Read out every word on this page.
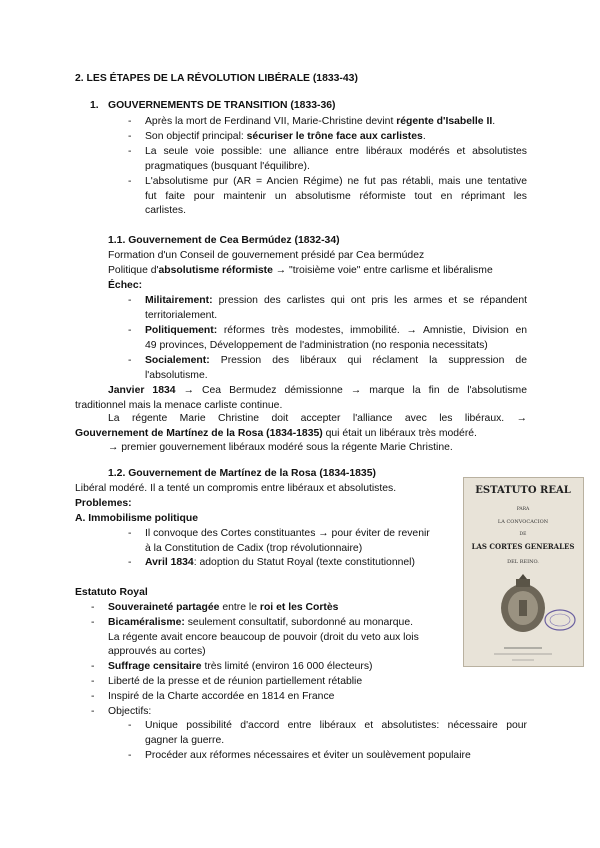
2. LES ÉTAPES DE LA RÉVOLUTION LIBÉRALE (1833-43)
1. GOUVERNEMENTS DE TRANSITION (1833-36)
- Après la mort de Ferdinand VII, Marie-Christine devint régente d'Isabelle II.
- Son objectif principal: sécuriser le trône face aux carlistes.
- La seule voie possible: une alliance entre libéraux modérés et absolutistes
pragmatiques (busquant l'équilibre).
- L'absolutisme pur (AR = Ancien Régime) ne fut pas rétabli, mais une tentative
fut faite pour maintenir un absolutisme réformiste tout en réprimant les
carlistes.
1.1. Gouvernement de Cea Bermúdez (1832-34)
Formation d'un Conseil de gouvernement présidé par Cea bermúdez
Politique d'absolutisme réformiste → "troisième voie" entre carlisme et libéralisme
Échec:
- Militairement: pression des carlistes qui ont pris les armes et se répandent
territorialement.
- Politiquement: réformes très modestes, immobilité. → Amnistie, Division en
49 provinces, Développement de l'administration (no responia necessitats)
- Socialement: Pression des libéraux qui réclament la suppression de
l'absolutisme.
Janvier 1834 → Cea Bermudez démissionne → marque la fin de l'absolutisme
traditionnel mais la menace carliste continue.
La régente Marie Christine doit accepter l'alliance avec les libéraux. →
Gouvernement de Martínez de la Rosa (1834-1835) qui était un libéraux très modéré.
→ premier gouvernement libéraux modéré sous la régente Marie Christine.
1.2. Gouvernement de Martínez de la Rosa (1834-1835)
Libéral modéré. Il a tenté un compromis entre libéraux et absolutistes.
Problemes:
A. Immobilisme politique
- Il convoque des Cortes constituantes → pour éviter de revenir
à la Constitution de Cadix (trop révolutionnaire)
- Avril 1834: adoption du Statut Royal (texte constitutionnel)
Estatuto Royal
- Souveraineté partagée entre le roi et les Cortès
- Bicaméralisme: seulement consultatif, subordonné au monarque.
La régente avait encore beaucoup de pouvoir (droit du veto aux lois
approuvés au cortes)
- Suffrage censitaire très limité (environ 16 000 électeurs)
- Liberté de la presse et de réunion partiellement rétablie
- Inspiré de la Charte accordée en 1814 en France
- Objectifs:
- Unique possibilité d'accord entre libéraux et absolutistes: nécessaire pour
gagner la guerre.
- Procéder aux réformes nécessaires et éviter un soulèvement populaire
ESTATUTO REAL
PARA
LA CONVOCACION
DE
LAS CORTES GENERALES
DEL REINO.
